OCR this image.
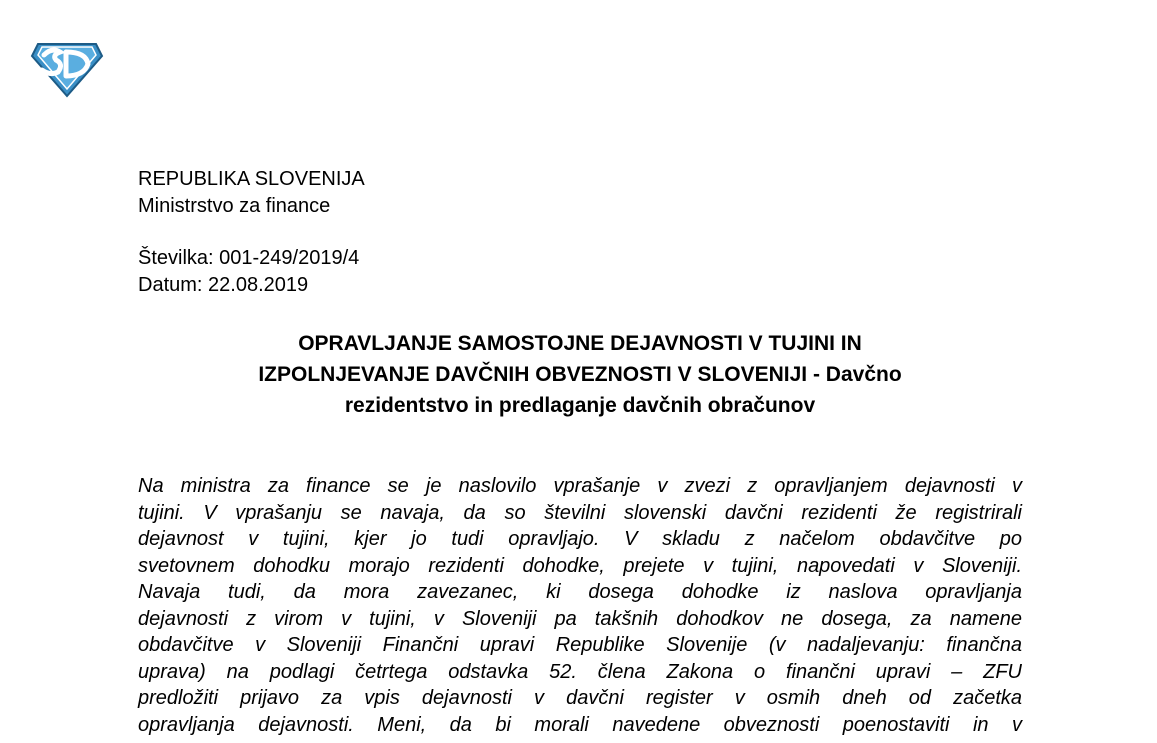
REPUBLIKA SLOVENIJA
Ministrstvo za finance
Številka: 001-249/2019/4
Datum: 22.08.2019
OPRAVLJANJE SAMOSTOJNE DEJAVNOSTI V TUJINI IN
IZPOLNJEVANJE DAVČNIH OBVEZNOSTI V SLOVENIJI - Davčno
rezidentstvo in predlaganje davčnih obračunov
Na ministra za finance se je naslovilo vprašanje v zvezi z opravljanjem dejavnosti v
tujini. V vprašanju se navaja, da so številni slovenski davčni rezidenti že registrirali
dejavnost v tujini, kjer jo tudi opravljajo. V skladu z načelom obdavčitve po
svetovnem dohodku morajo rezidenti dohodke, prejete v tujini, napovedati v Sloveniji.
Navaja tudi, da mora zavezanec, ki dosega dohodke iz naslova opravljanja
dejavnosti z virom v tujini, v Sloveniji pa takšnih dohodkov ne dosega, za namene
obdavčitve v Sloveniji Finančni upravi Republike Slovenije (v nadaljevanju: finančna
uprava) na podlagi četrtega odstavka 52. člena Zakona o finančni upravi – ZFU
predložiti prijavo za vpis dejavnosti v davčni register v osmih dneh od začetka
opravljanja dejavnosti. Meni, da bi morali navedene obveznosti poenostaviti in v
